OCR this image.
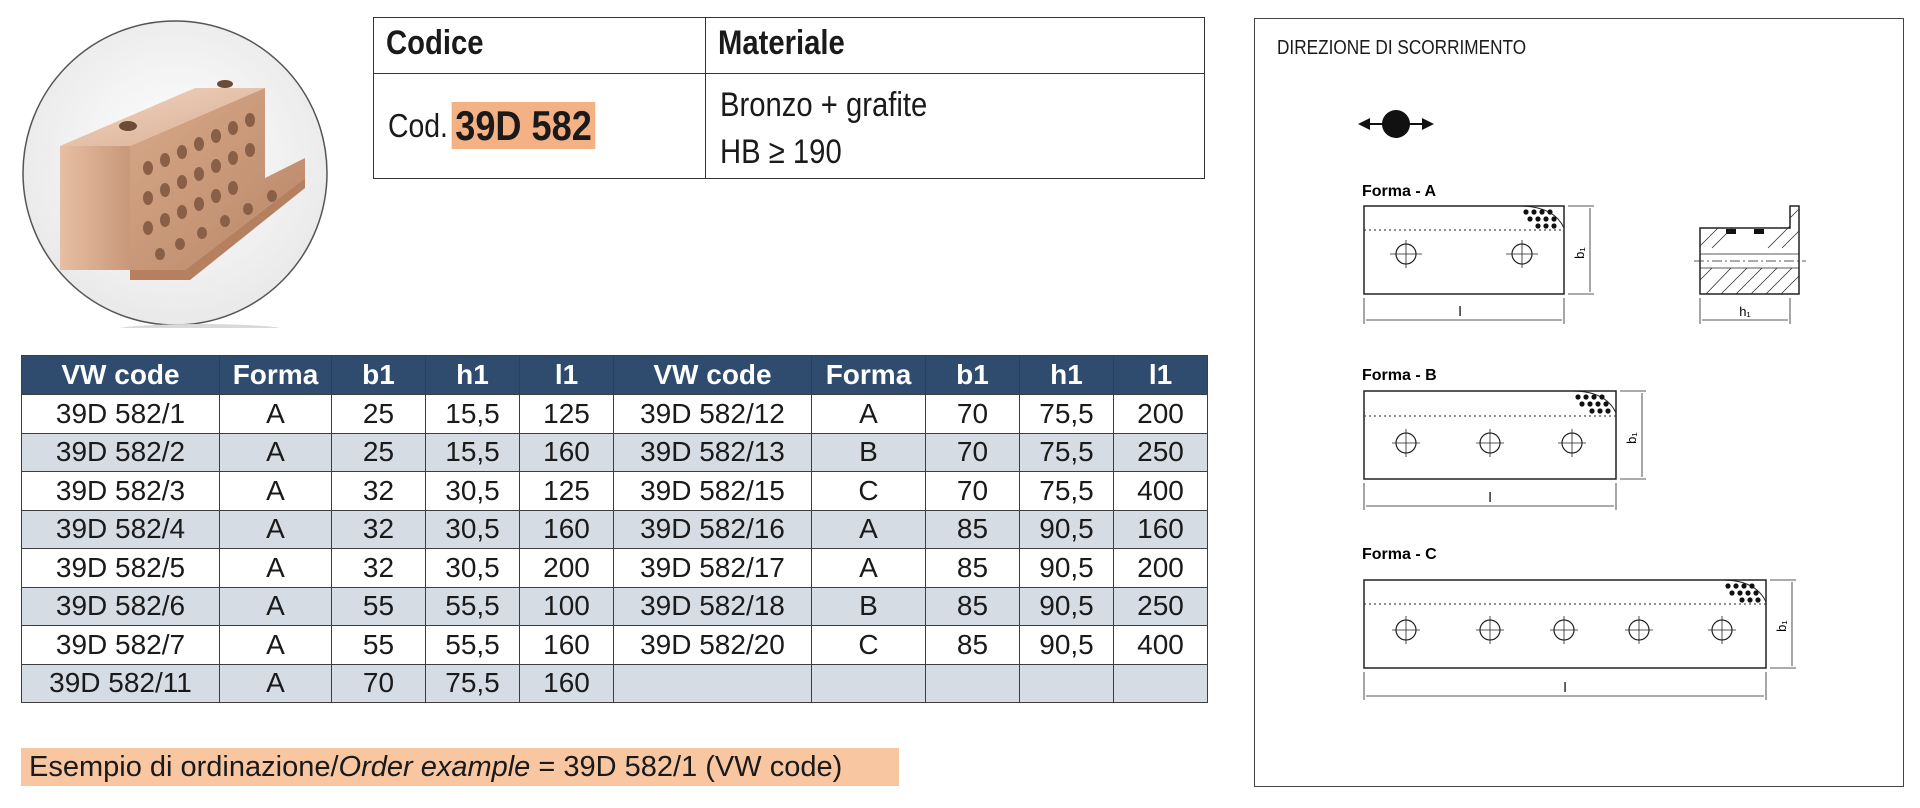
Codice	Materiale
Cod. 39D 582	Bronzo + grafite
HB ≥ 190
VW code	Forma	b1	h1	l1	VW code	Forma	b1	h1	l1
39D 582/1	A	25	15,5	125	39D 582/12	A	70	75,5	200
39D 582/2	A	25	15,5	160	39D 582/13	B	70	75,5	250
39D 582/3	A	32	30,5	125	39D 582/15	C	70	75,5	400
39D 582/4	A	32	30,5	160	39D 582/16	A	85	90,5	160
39D 582/5	A	32	30,5	200	39D 582/17	A	85	90,5	200
39D 582/6	A	55	55,5	100	39D 582/18	B	85	90,5	250
39D 582/7	A	55	55,5	160	39D 582/20	C	85	90,5	400
39D 582/11	A	70	75,5	160					
Esempio di ordinazione/Order example = 39D 582/1 (VW code)
DIREZIONE DI SCORRIMENTO
Forma - A
l
b₁
h₁
Forma - B
l
b₁
Forma - C
l
b₁
